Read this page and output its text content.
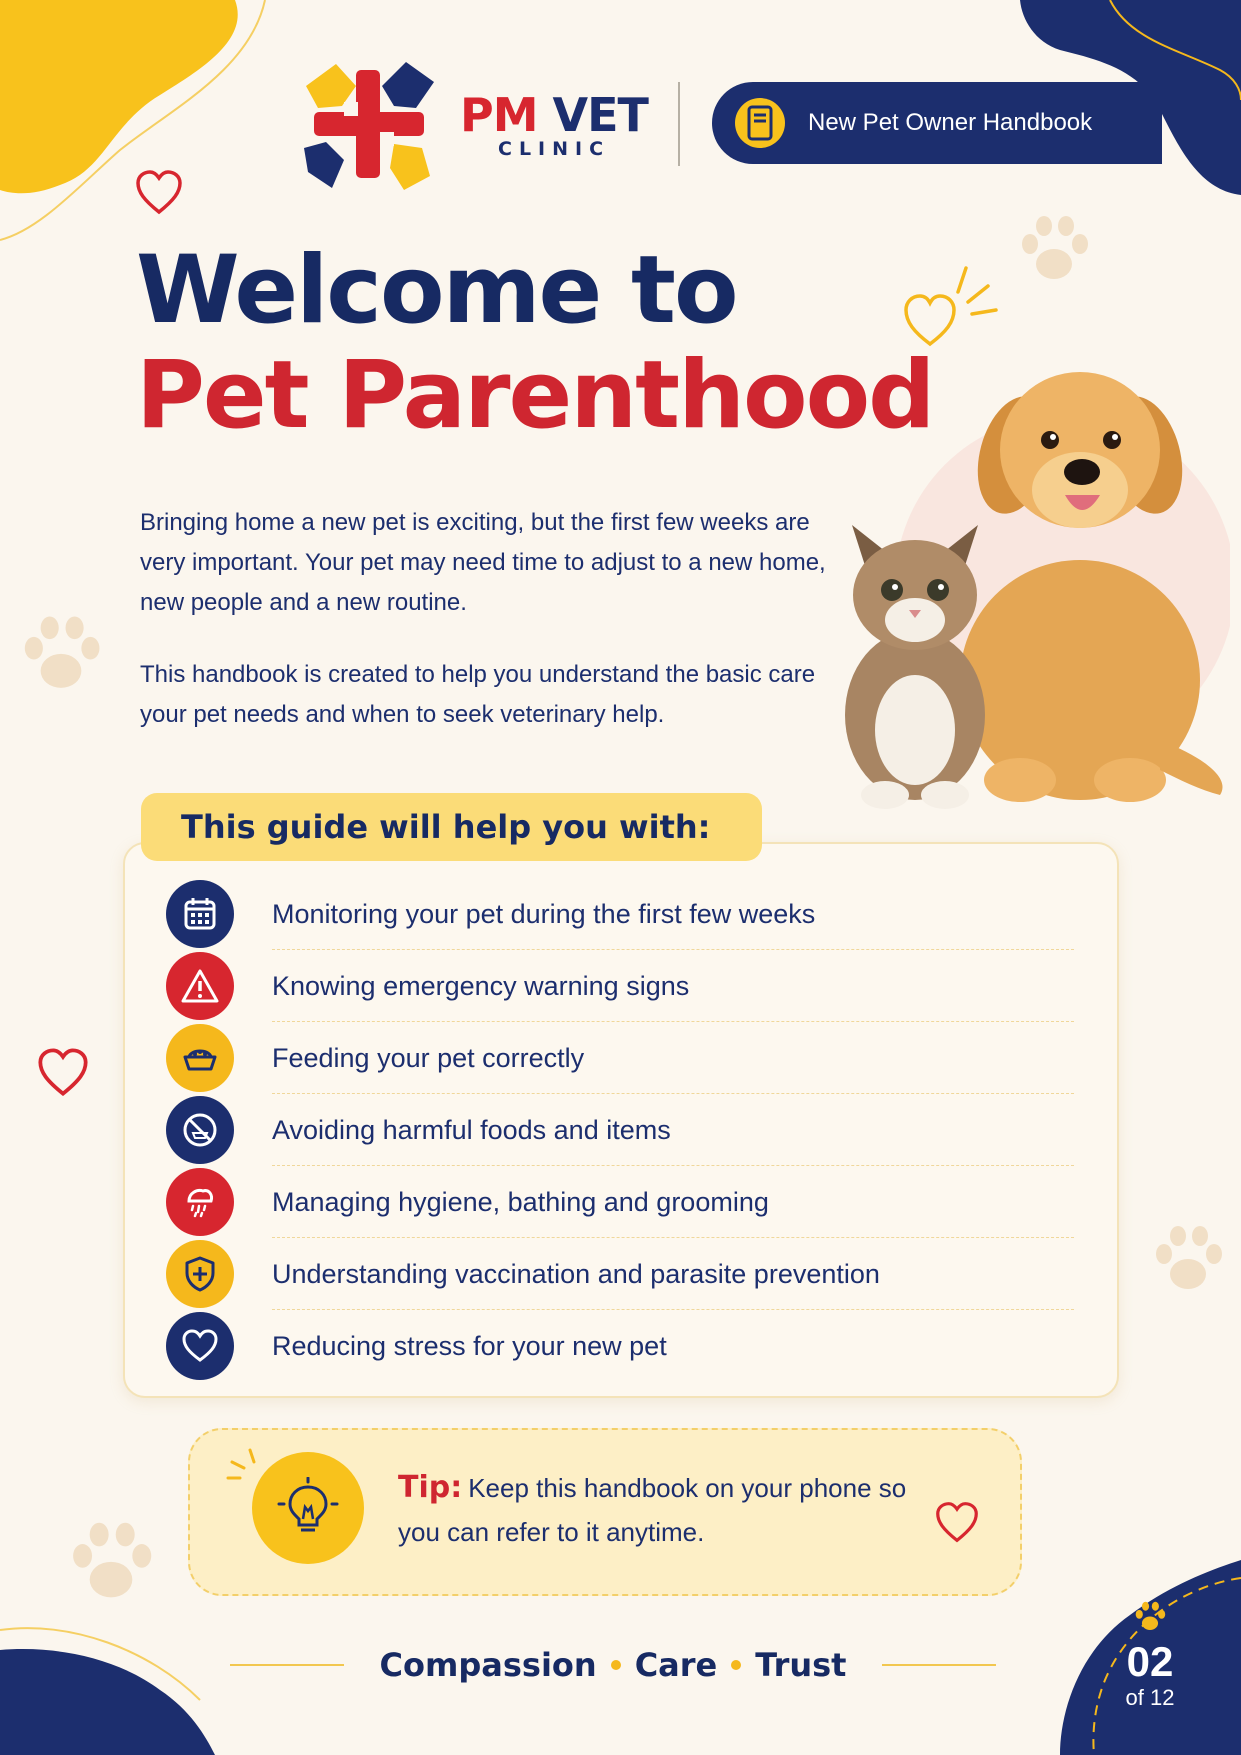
PM VET
CLINIC
New Pet Owner Handbook
Welcome to
Pet Parenthood

Bringing home a new pet is exciting, but the first few weeks are very important. Your pet may need time to adjust to a new home, new people and a new routine.

This handbook is created to help you understand the basic care your pet needs and when to seek veterinary help.

This guide will help you with:
Monitoring your pet during the first few weeks
Knowing emergency warning signs
Feeding your pet correctly
Avoiding harmful foods and items
Managing hygiene, bathing and grooming
Understanding vaccination and parasite prevention
Reducing stress for your new pet
Tip: Keep this handbook on your phone so you can refer to it anytime.
Compassion Care Trust	02
of 12
